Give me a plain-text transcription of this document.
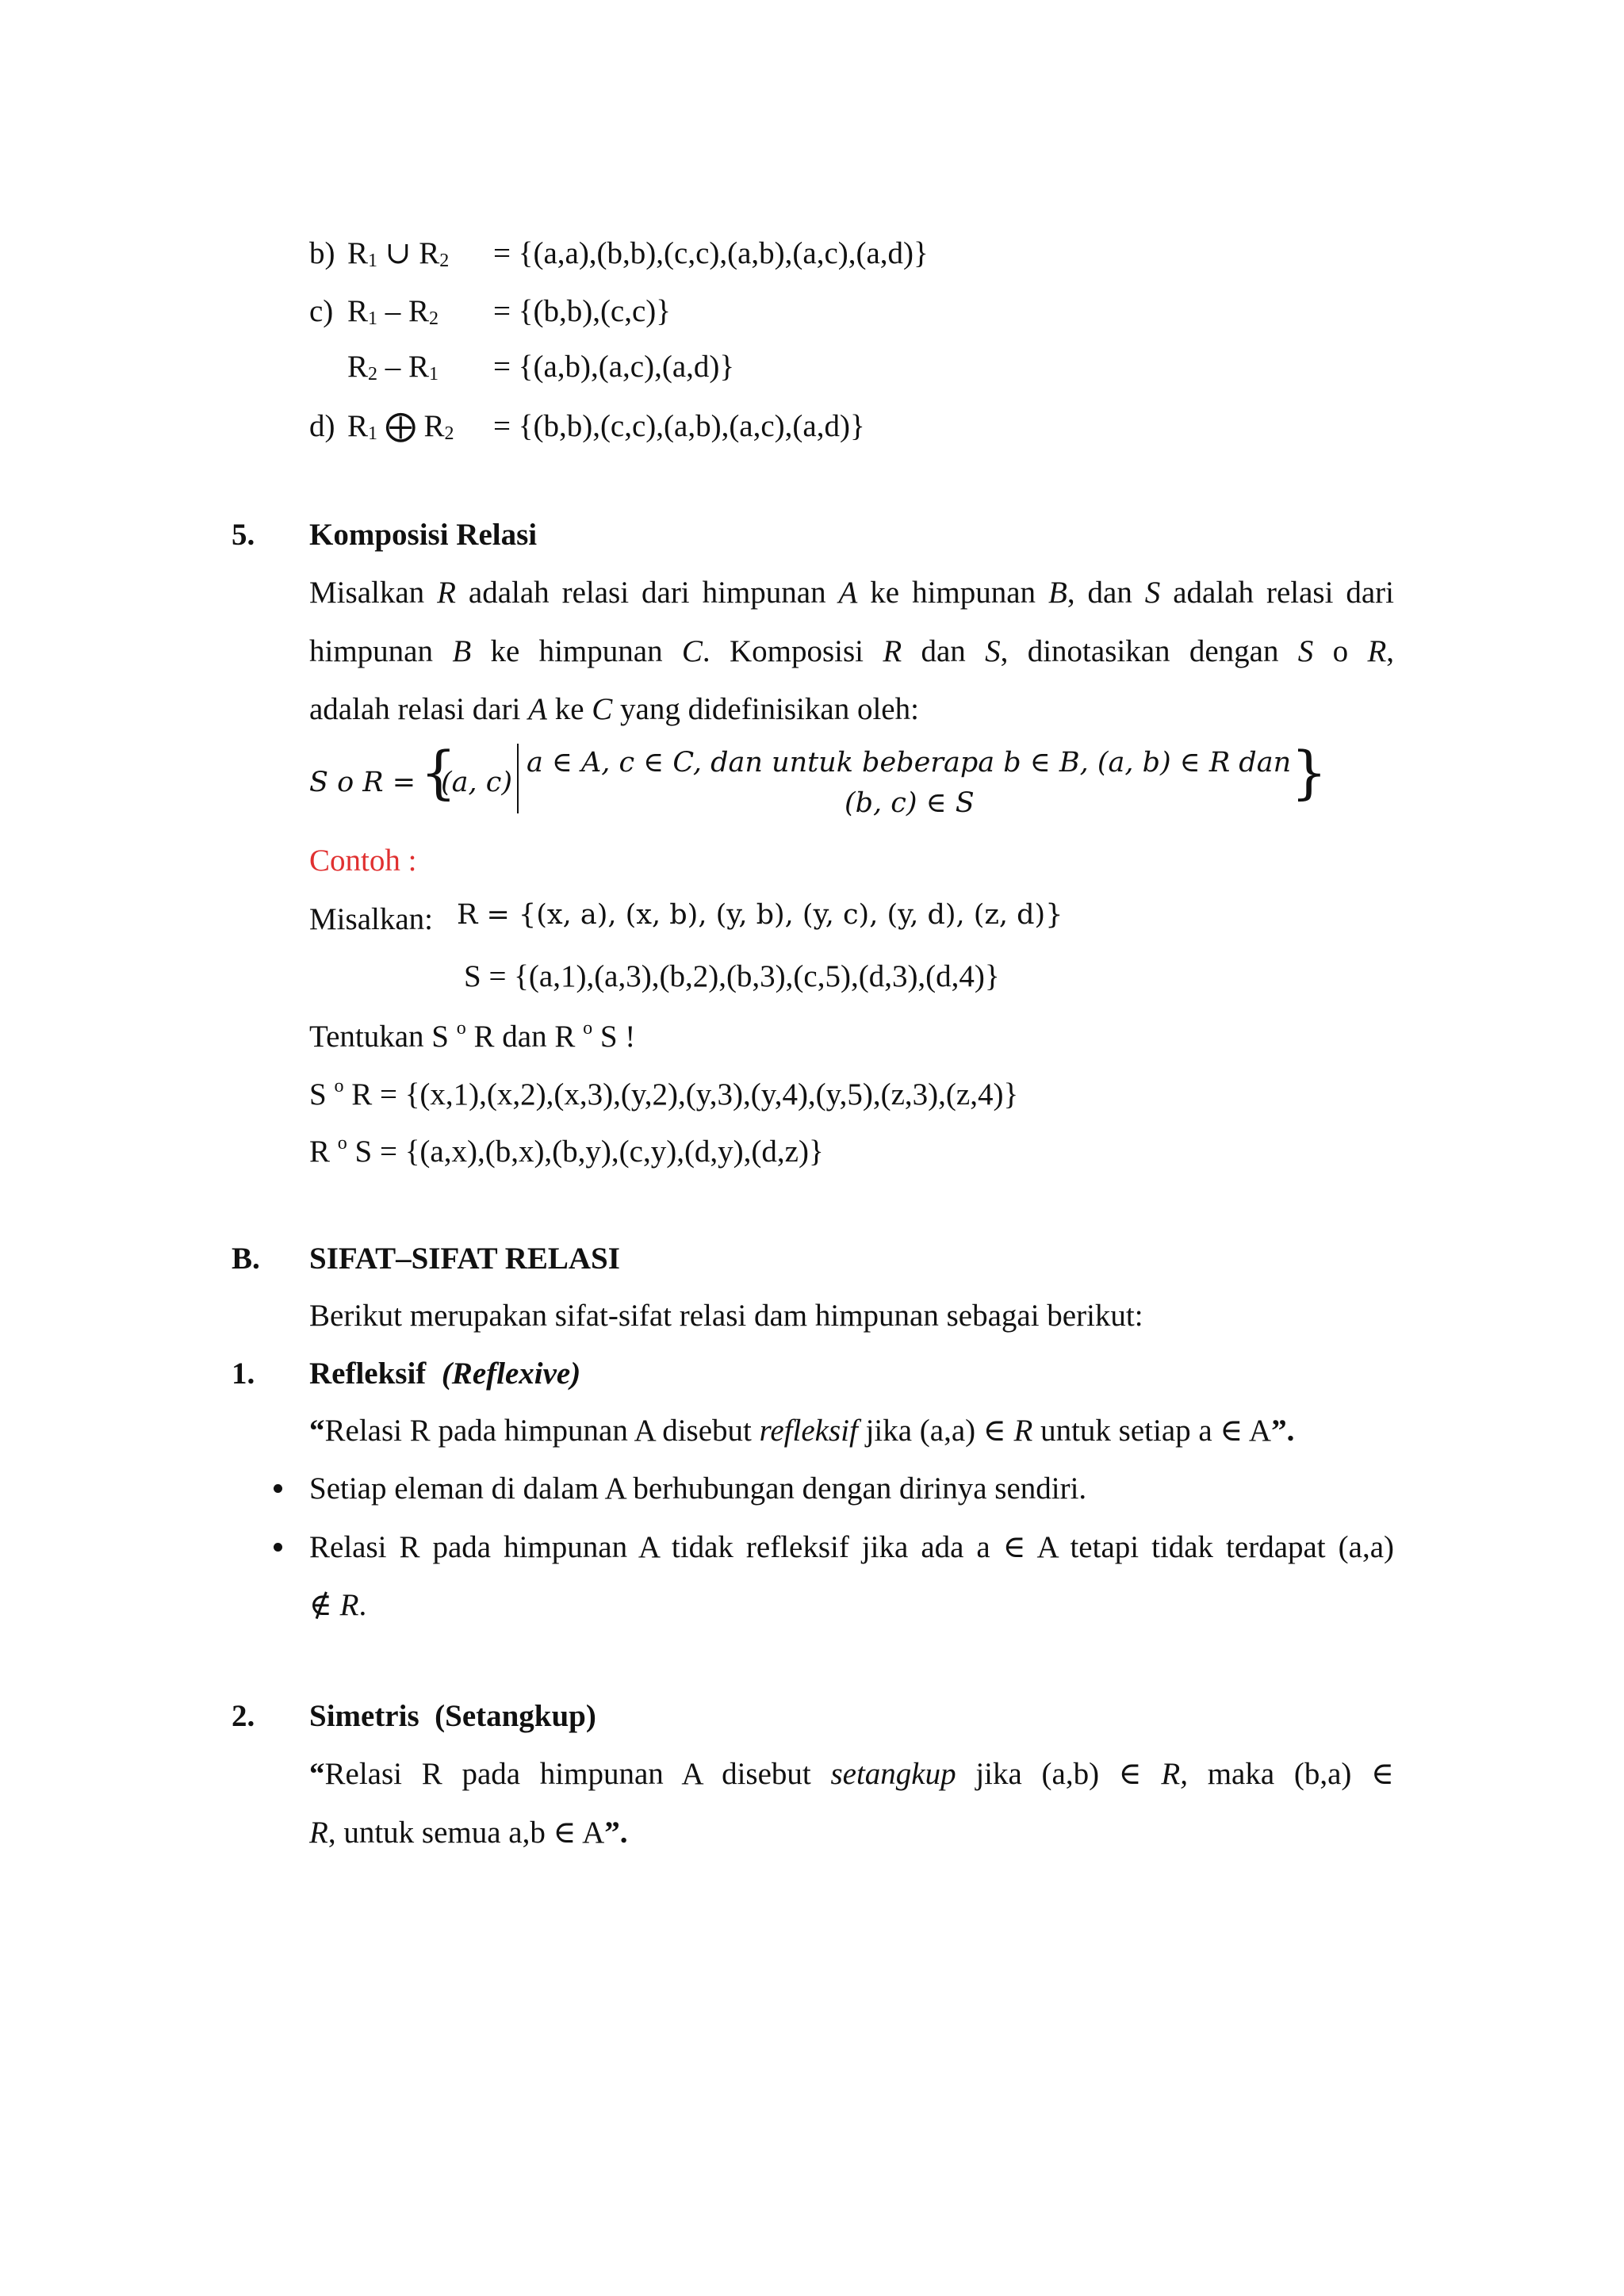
b) R1 ∪ R2 = {(a,a),(b,b),(c,c),(a,b),(a,c),(a,d)}
c) R1 – R2 = {(b,b),(c,c)}
R2 – R1 = {(a,b),(a,c),(a,d)}
d) R1 ⨁ R2 = {(b,b),(c,c),(a,b),(a,c),(a,d)}
5. Komposisi Relasi
Misalkan R adalah relasi dari himpunan A ke himpunan B, dan S adalah relasi dari
himpunan B ke himpunan C. Komposisi R dan S, dinotasikan dengan S o R,
adalah relasi dari A ke C yang didefinisikan oleh:
S o R = {
(a, c)
a ∈ A, c ∈ C, dan untuk beberapa b ∈ B, (a, b) ∈ R dan
(b, c) ∈ S	}
Contoh :
Misalkan: R = {(x, a), (x, b), (y, b), (y, c), (y, d), (z, d)}
S = {(a,1),(a,3),(b,2),(b,3),(c,5),(d,3),(d,4)}
Tentukan S $^o$ R dan R $^o$ S !
S $^o$ R = {(x,1),(x,2),(x,3),(y,2),(y,3),(y,4),(y,5),(z,3),(z,4)}
R $^o$ S = {(a,x),(b,x),(b,y),(c,y),(d,y),(d,z)}
B. SIFAT–SIFAT RELASI
Berikut merupakan sifat-sifat relasi dam himpunan sebagai berikut:
1. Refleksif (Reflexive)
“Relasi R pada himpunan A disebut refleksif jika (a,a) ∈ R untuk setiap a ∈ A”.
Setiap eleman di dalam A berhubungan dengan dirinya sendiri.
Relasi R pada himpunan A tidak refleksif jika ada a ∈ A tetapi tidak terdapat (a,a)
∉ R.
2. Simetris (Setangkup)
“Relasi R pada himpunan A disebut setangkup jika (a,b) ∈ R, maka (b,a) ∈
R, untuk semua a,b ∈ A”.
